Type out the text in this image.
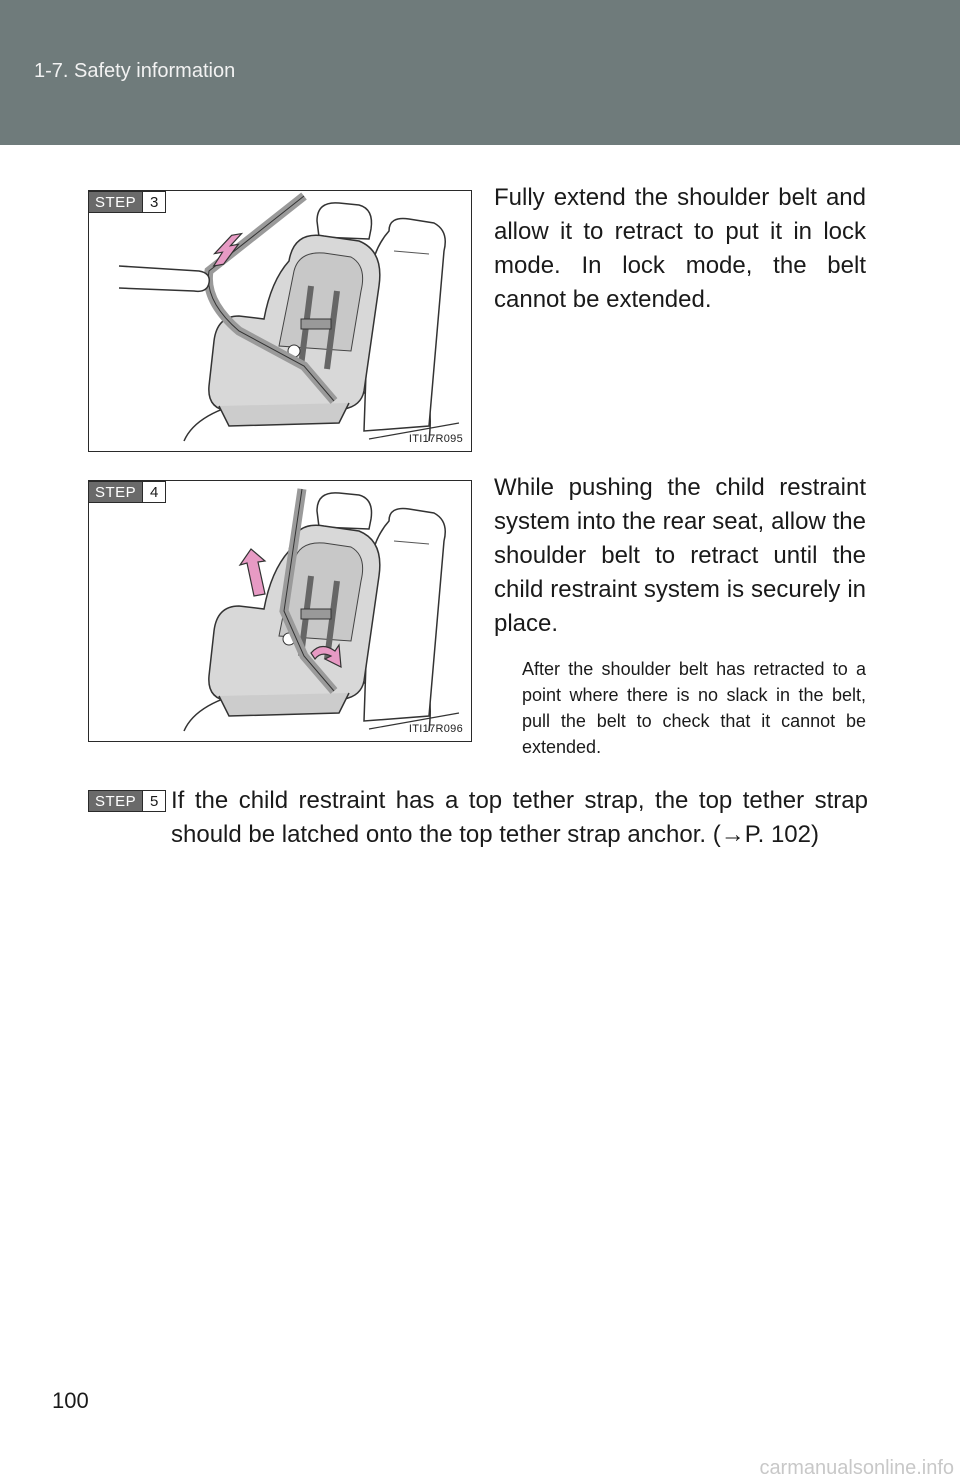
1-7. Safety information
STEP 3
ITI17R095
Fully extend the shoulder belt and allow it to retract to put it in lock mode. In lock mode, the belt cannot be extended.
STEP 4
ITI17R096
While pushing the child restraint system into the rear seat, allow the shoulder belt to retract until the child restraint system is securely in place.
After the shoulder belt has retracted to a point where there is no slack in the belt, pull the belt to check that it cannot be extended.
STEP 5 If the child restraint has a top tether strap, the top tether strap should be latched onto the top tether strap anchor. (→P. 102)
100
carmanualsonline.info
